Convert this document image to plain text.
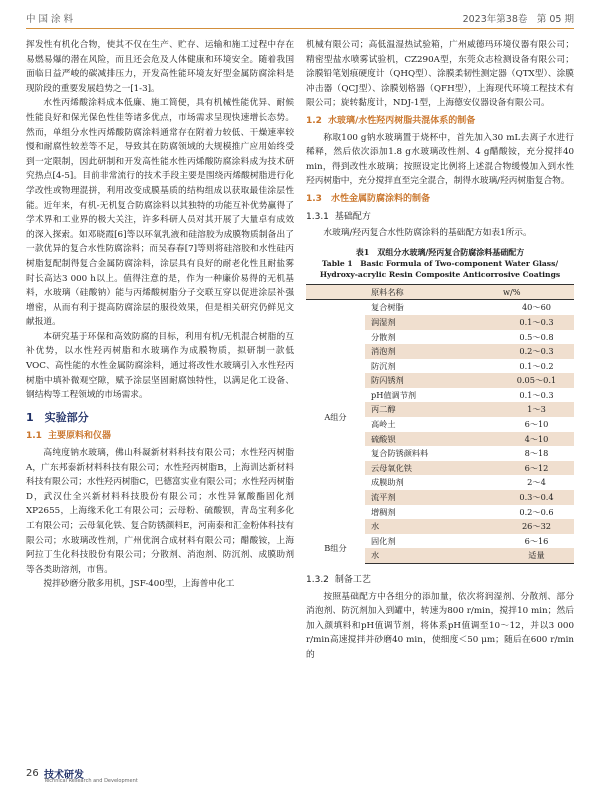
中 国 涂 料	2023年第38卷　第 05 期

挥发性有机化合物，使其不仅在生产、贮存、运输和施工过程中存在易燃易爆的潜在风险，而且还会危及人体健康和环境安全。随着我国面临日益严峻的碳减排压力，开发高性能环境友好型金属防腐涂料是现阶段的重要发展趋势之一[1-3]。

水性丙烯酸涂料成本低廉、施工简便，具有机械性能优异、耐候性能良好和保光保色性佳等诸多优点，市场需求呈现快速增长态势。然而，单组分水性丙烯酸防腐涂料通常存在附着力较低、干燥速率较慢和耐腐性较差等不足，导致其在防腐领域的大规模推广应用始终受到一定限制，因此研制和开发高性能水性丙烯酸防腐涂料成为技术研究热点[4-5]。目前非常流行的技术手段主要是围绕丙烯酸树脂进行化学改性或物理混拼，利用改变成膜基质的结构组成以获取最佳涂层性能。近年来，有机-无机复合防腐涂料以其独特的功能互补优势赢得了学术界和工业界的极大关注，许多科研人员对其开展了大量卓有成效的深入探索。如邓晓霞[6]等以环氧乳液和硅溶胶为成膜物质制备出了一款优异的复合水性防腐涂料；而吴春春[7]等则将硅溶胶和水性硅丙树脂复配制得复合金属防腐涂料，涂层具有良好的耐老化性且耐盐雾时长高达3 000 h以上。值得注意的是，作为一种廉价易得的无机基料，水玻璃（硅酸钠）能与丙烯酸树脂分子交联互穿以促进涂层补强增密，从而有利于提高防腐涂层的服役效果，但是相关研究仍鲜见文献报道。

本研究基于环保和高效防腐的目标，利用有机/无机混合树脂的互补优势，以水性羟丙树脂和水玻璃作为成膜物质，拟研制一款低VOC、高性能的水性金属防腐涂料，通过将改性水玻璃引入水性羟丙树脂中填补微观空隙，赋予涂层坚固耐腐蚀特性，以满足化工设备、钢结构等工程领域的市场需求。

1　实验部分
1.1 主要原料和仪器

高纯度钠水玻璃，佛山科凝新材料科技有限公司；水性羟丙树脂A，广东邦泰新材料科技有限公司；水性羟丙树脂B，上海训达新材料科技有限公司；水性羟丙树脂C，巴德富实业有限公司；水性羟丙树脂D，武汉仕全兴新材料科技股份有限公司；水性异氰酸酯固化剂XP2655，上海缘禾化工有限公司；云母粉、硫酸钡，青岛宝利多化工有限公司；云母氧化铁、复合防锈颜料E，河南泰和汇金粉体科技有限公司；水玻璃改性剂，广州优润合成材料有限公司；醋酸铵，上海阿拉丁生化科技股份有限公司；分散剂、消泡剂、防沉剂、成膜助剂等各类助溶剂，市售。

搅拌砂磨分散多用机，JSF-400型，上海普申化工

机械有限公司；高低温湿热试验箱，广州威德玛环境仪器有限公司；精密型盐水喷雾试验机，CZ290A型，东莞众志检测设备有限公司；涂膜铅笔划痕硬度计（QHQ型）、涂膜柔韧性测定器（QTX型）、涂膜冲击器（QCJ型）、涂膜划格器（QFH型），上海现代环境工程技术有限公司；旋转黏度计，NDJ-1型，上海德安仪器设备有限公司。

1.2 水玻璃/水性羟丙树脂共混体系的制备

称取100 g钠水玻璃置于烧杯中，首先加入30 mL去离子水进行稀释，然后依次添加1.8 g水玻璃改性剂、4 g醋酸铵，充分搅拌40 min，得到改性水玻璃；按照设定比例将上述混合物缓慢加入到水性羟丙树脂中，充分搅拌直至完全混合，制得水玻璃/羟丙树脂复合物。

1.3　水性金属防腐涂料的制备
1.3.1 基础配方

水玻璃/羟丙复合水性防腐涂料的基础配方如表1所示。

表1　双组分水玻璃/羟丙复合防腐涂料基础配方
Table 1　Basic Formula of Two-component Water Glass/
Hydroxy-acrylic Resin Composite Anticorrosive Coatings
	原料名称	w/%
A组分	复合树脂	40～60
	润湿剂	0.1～0.3
	分散剂	0.5～0.8
	消泡剂	0.2～0.3
	防沉剂	0.1～0.2
	防闪锈剂	0.05～0.1
	pH值调节剂	0.1～0.3
	丙二醇	1～3
	高岭土	6～10
	硫酸钡	4～10
	复合防锈颜料料	8～18
	云母氧化铁	6～12
	成膜助剂	2～4
	流平剂	0.3～0.4
	增稠剂	0.2～0.6
	水	26～32
B组分	固化剂	6～16
	水	适量
1.3.2 制备工艺

按照基础配方中各组分的添加量，依次将润湿剂、分散剂、部分消泡剂、防沉剂加入到罐中，转速为800 r/min，搅拌10 min；然后加入颜填料和pH值调节剂，将体系pH值调至10～12，并以3 000 r/min高速搅拌并砂磨40 min，使细度＜50 μm；随后在600 r/min的

26 技术研发
Technical Research and Development
